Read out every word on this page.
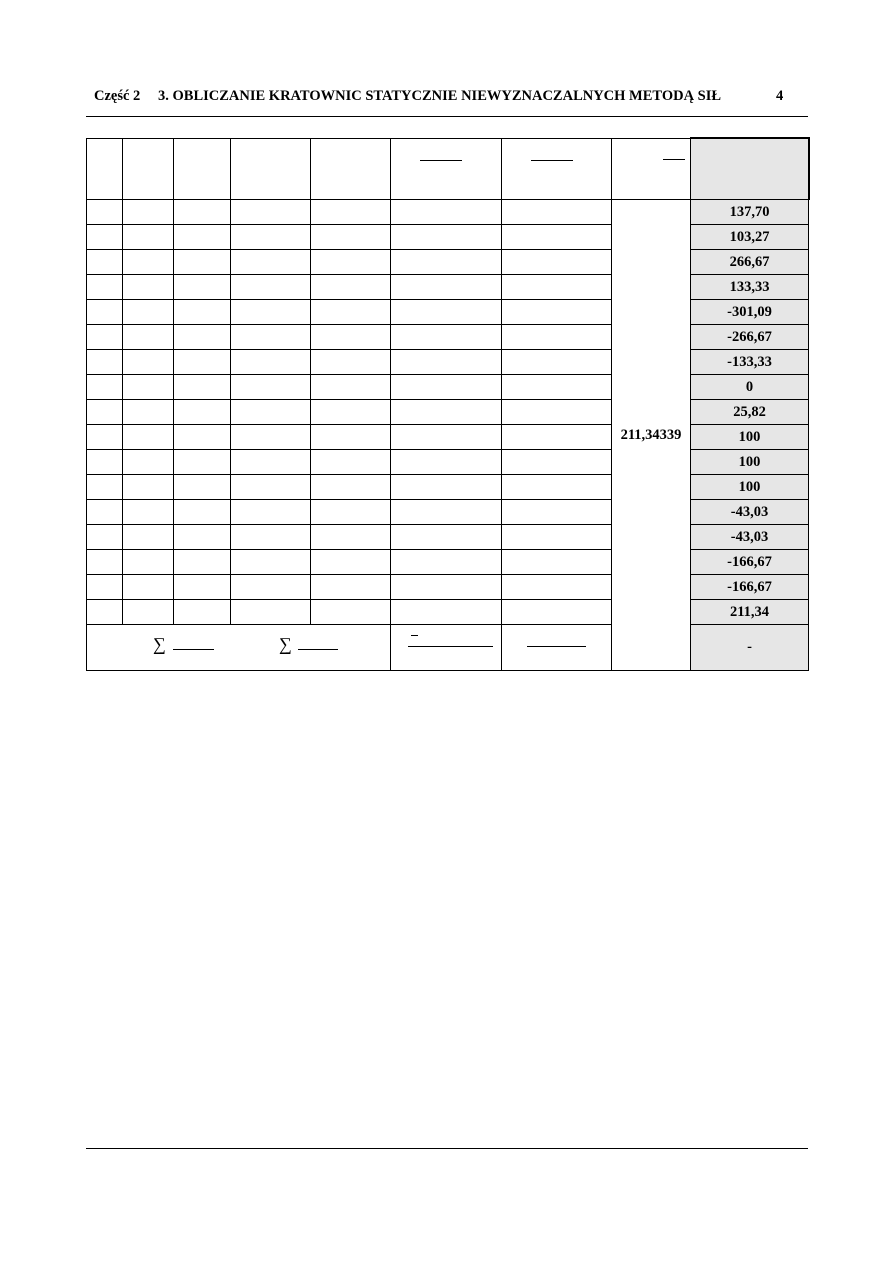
Część 2 3. OBLICZANIE KRATOWNIC STATYCZNIE NIEWYZNACZALNYCH METODĄ SIŁ	4

							211,34339	137,70
								103,27
								266,67
								133,33
								-301,09
								-266,67
								-133,33
								0
								25,82
								100
								100
								100
								-43,03
								-43,03
								-166,67
								-166,67
								211,34

∑ ∑								-
